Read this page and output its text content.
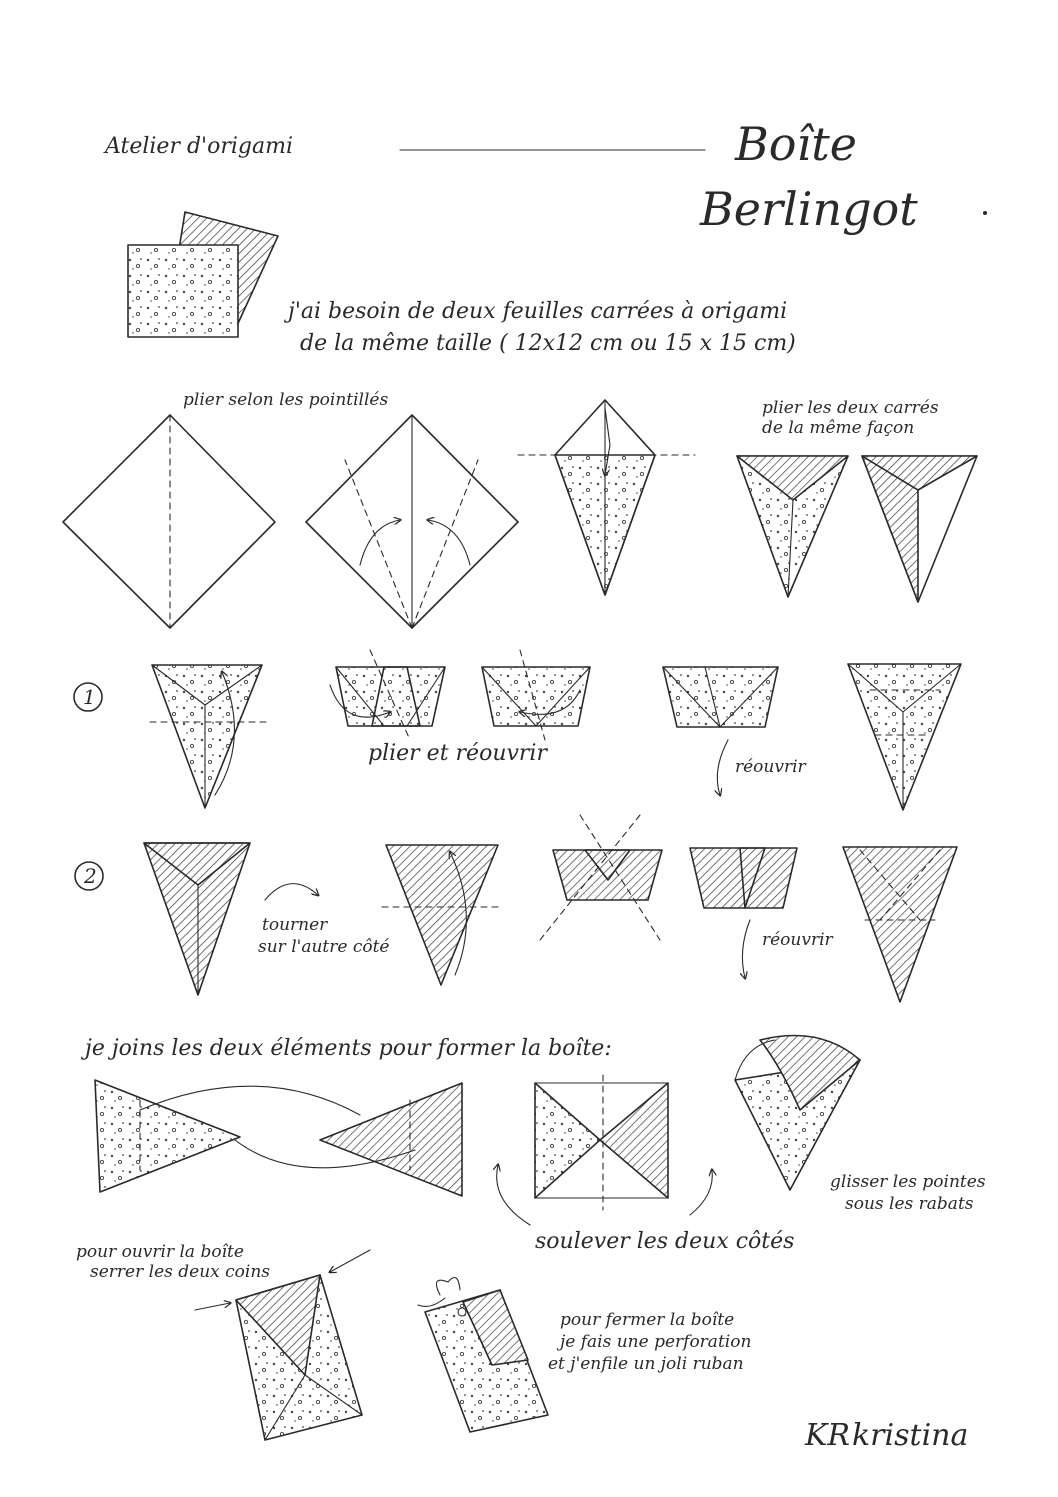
Atelier d'origami	Boîte
Berlingot
j'ai besoin de deux feuilles carrées à origami
de la même taille ( 12x12 cm ou 15 x 15 cm)
plier selon les pointillés	plier les deux carrés
de la même façon
1
plier et réouvrir
réouvrir
2
tourner
sur l'autre côté	réouvrir
je joins les deux éléments pour former la boîte:
soulever les deux côtés
glisser les pointes
sous les rabats
pour ouvrir la boîte
serrer les deux coins
pour fermer la boîte
je fais une perforation
et j'enfile un joli ruban
KR kristina
